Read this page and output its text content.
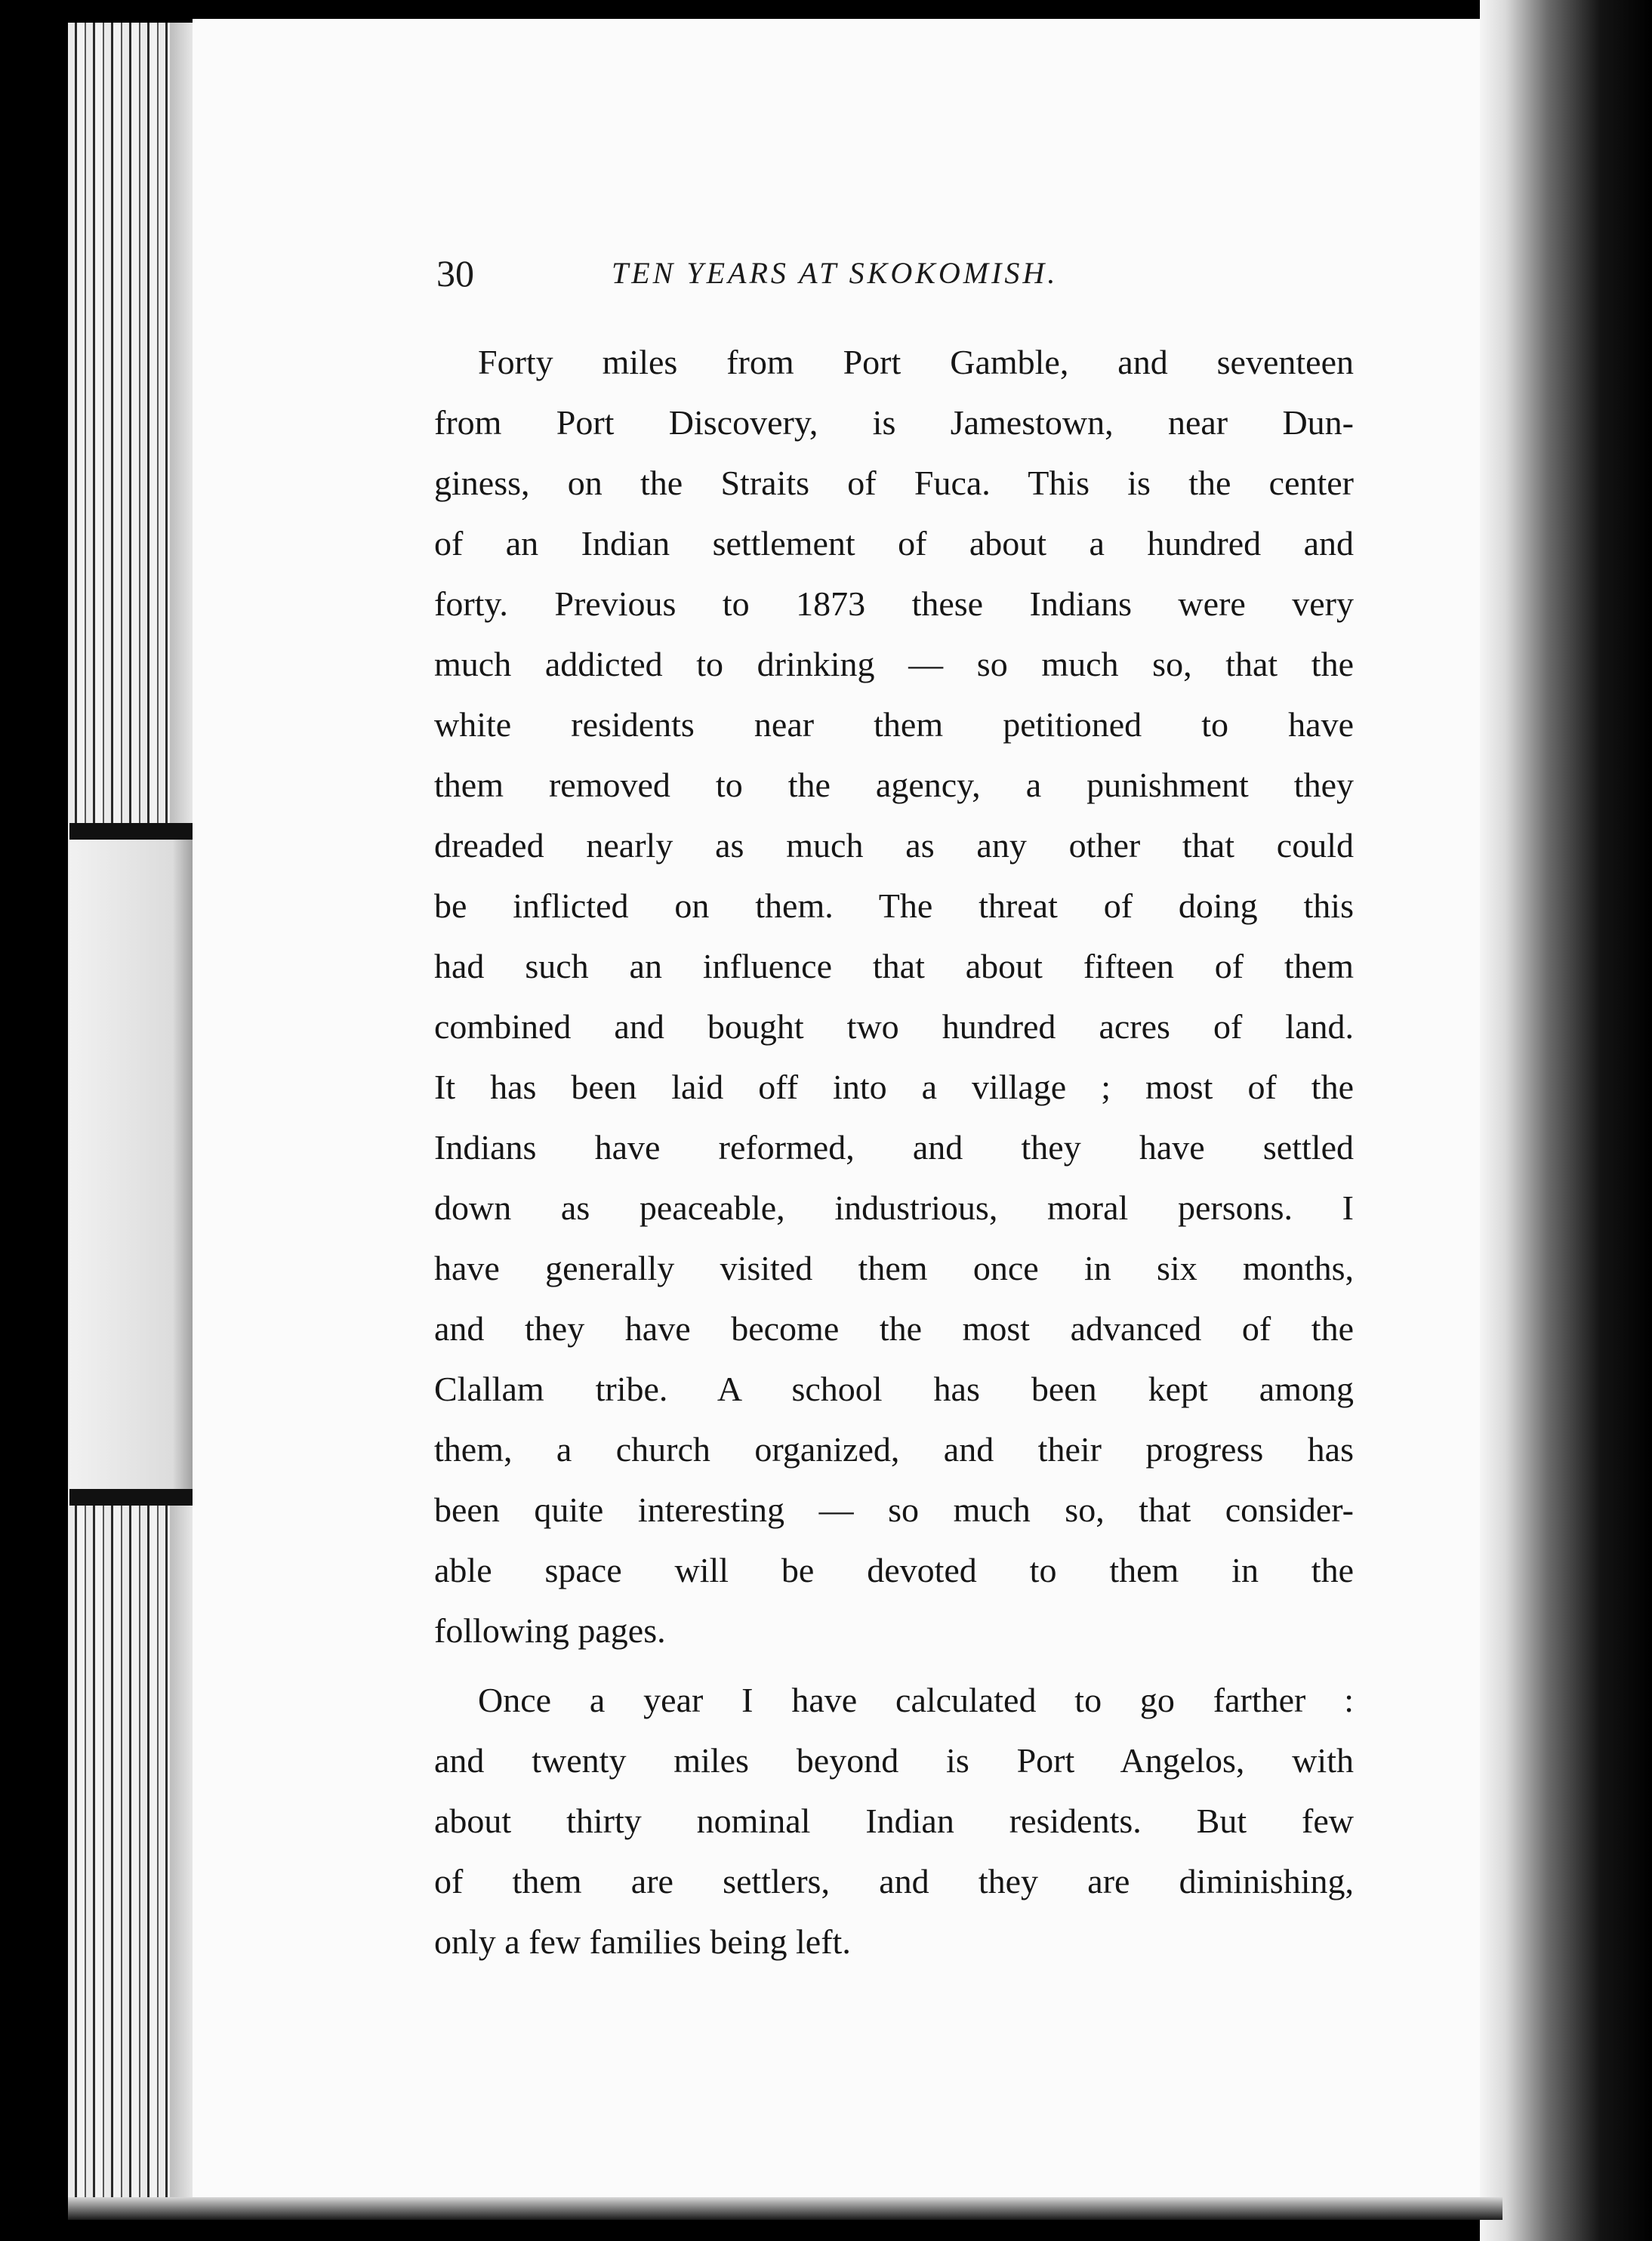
30	TEN YEARS AT SKOKOMISH.
Forty miles from Port Gamble, and seventeen
from Port Discovery, is Jamestown, near Dun-
giness, on the Straits of Fuca. This is the center
of an Indian settlement of about a hundred and
forty. Previous to 1873 these Indians were very
much addicted to drinking — so much so, that the
white residents near them petitioned to have
them removed to the agency, a punishment they
dreaded nearly as much as any other that could
be inflicted on them. The threat of doing this
had such an influence that about fifteen of them
combined and bought two hundred acres of land.
It has been laid off into a village ; most of the
Indians have reformed, and they have settled
down as peaceable, industrious, moral persons. I
have generally visited them once in six months,
and they have become the most advanced of the
Clallam tribe. A school has been kept among
them, a church organized, and their progress has
been quite interesting — so much so, that consider-
able space will be devoted to them in the
following pages.
Once a year I have calculated to go farther :
and twenty miles beyond is Port Angelos, with
about thirty nominal Indian residents. But few
of them are settlers, and they are diminishing,
only a few families being left.
